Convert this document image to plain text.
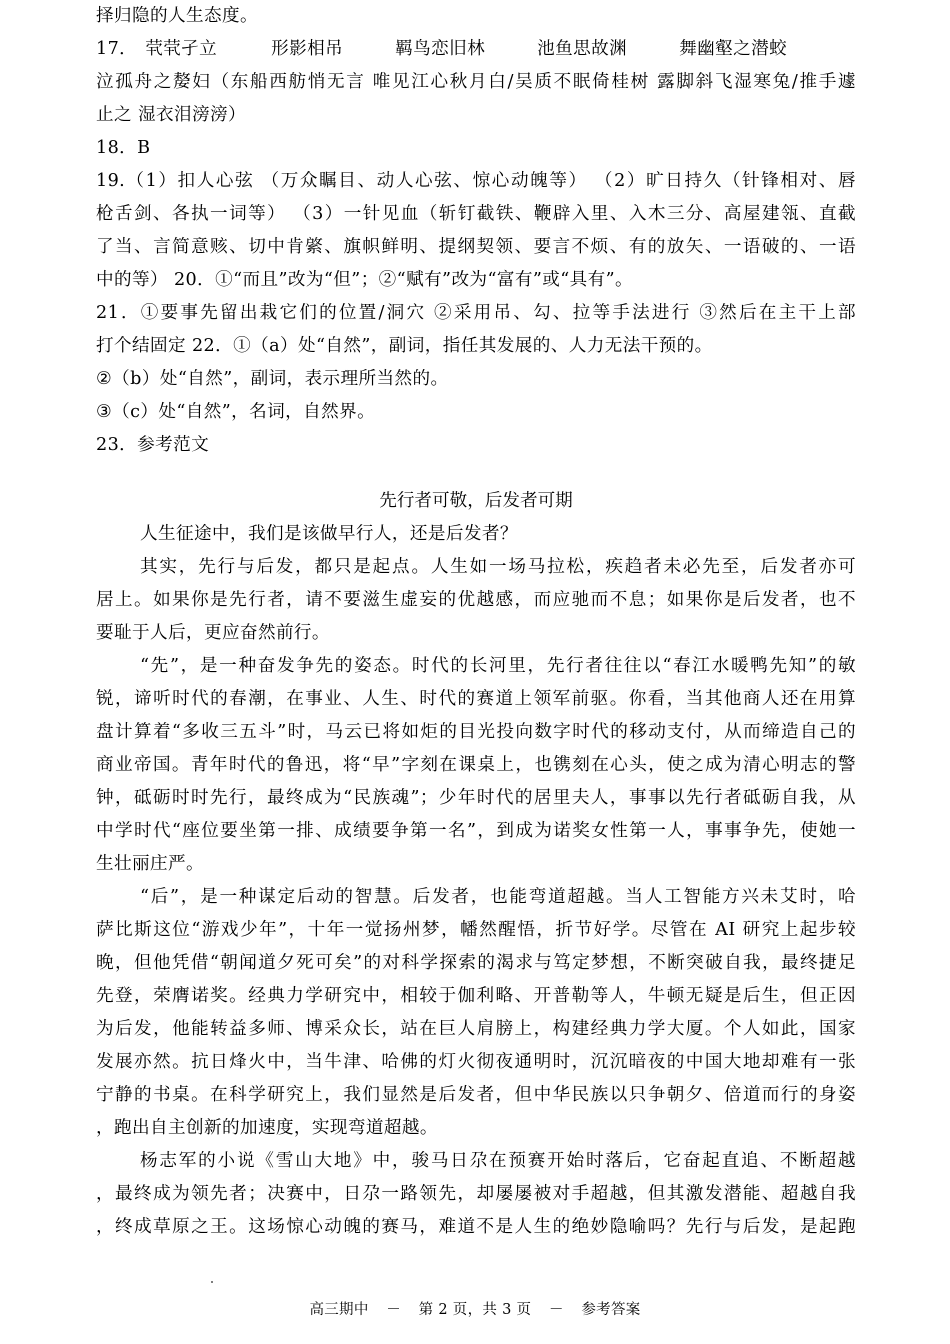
择归隐的人生态度。
17． 茕茕孑立	形影相吊	羁鸟恋旧林	池鱼思故渊	舞幽壑之潜蛟
泣孤舟之嫠妇（东船西舫悄无言 唯见江心秋月白/吴质不眠倚桂树 露脚斜飞湿寒兔/推手遽
止之 湿衣泪滂滂）
18．B
19.（1）扣人心弦 （万众瞩目、动人心弦、惊心动魄等） （2）旷日持久（针锋相对、唇
枪舌剑、各执一词等） （3）一针见血（斩钉截铁、鞭辟入里、入木三分、高屋建瓴、直截
了当、言简意赅、切中肯綮、旗帜鲜明、提纲契领、要言不烦、有的放矢、一语破的、一语
中的等） 20．①“而且”改为“但”；②“赋有”改为“富有”或“具有”。
21．①要事先留出栽它们的位置/洞穴 ②采用吊、勾、拉等手法进行 ③然后在主干上部
打个结固定 22．①（a）处“自然”，副词，指任其发展的、人力无法干预的。
②（b）处“自然”，副词，表示理所当然的。
③（c）处“自然”，名词，自然界。
23．参考范文
先行者可敬，后发者可期
人生征途中，我们是该做早行人，还是后发者？
其实，先行与后发，都只是起点。人生如一场马拉松，疾趋者未必先至，后发者亦可
居上。如果你是先行者，请不要滋生虚妄的优越感，而应驰而不息；如果你是后发者，也不
要耻于人后，更应奋然前行。
“先”，是一种奋发争先的姿态。时代的长河里，先行者往往以“春江水暖鸭先知”的敏
锐，谛听时代的春潮，在事业、人生、时代的赛道上领军前驱。你看，当其他商人还在用算
盘计算着“多收三五斗”时，马云已将如炬的目光投向数字时代的移动支付，从而缔造自己的
商业帝国。青年时代的鲁迅，将“早”字刻在课桌上，也镌刻在心头，使之成为清心明志的警
钟，砥砺时时先行，最终成为“民族魂”；少年时代的居里夫人，事事以先行者砥砺自我，从
中学时代“座位要坐第一排、成绩要争第一名”，到成为诺奖女性第一人，事事争先，使她一
生壮丽庄严。
“后”，是一种谋定后动的智慧。后发者，也能弯道超越。当人工智能方兴未艾时，哈
萨比斯这位“游戏少年”，十年一觉扬州梦，幡然醒悟，折节好学。尽管在 AI 研究上起步较
晚，但他凭借“朝闻道夕死可矣”的对科学探索的渴求与笃定梦想，不断突破自我，最终捷足
先登，荣膺诺奖。经典力学研究中，相较于伽利略、开普勒等人，牛顿无疑是后生，但正因
为后发，他能转益多师、博采众长，站在巨人肩膀上，构建经典力学大厦。个人如此，国家
发展亦然。抗日烽火中，当牛津、哈佛的灯火彻夜通明时，沉沉暗夜的中国大地却难有一张
宁静的书桌。在科学研究上，我们显然是后发者，但中华民族以只争朝夕、倍道而行的身姿
，跑出自主创新的加速度，实现弯道超越。
杨志军的小说《雪山大地》中，骏马日尕在预赛开始时落后，它奋起直追、不断超越
，最终成为领先者；决赛中，日尕一路领先，却屡屡被对手超越，但其激发潜能、超越自我
，终成草原之王。这场惊心动魄的赛马，难道不是人生的绝妙隐喻吗？先行与后发，是起跑
高三期中 － 第 2 页，共 3 页 － 参考答案
